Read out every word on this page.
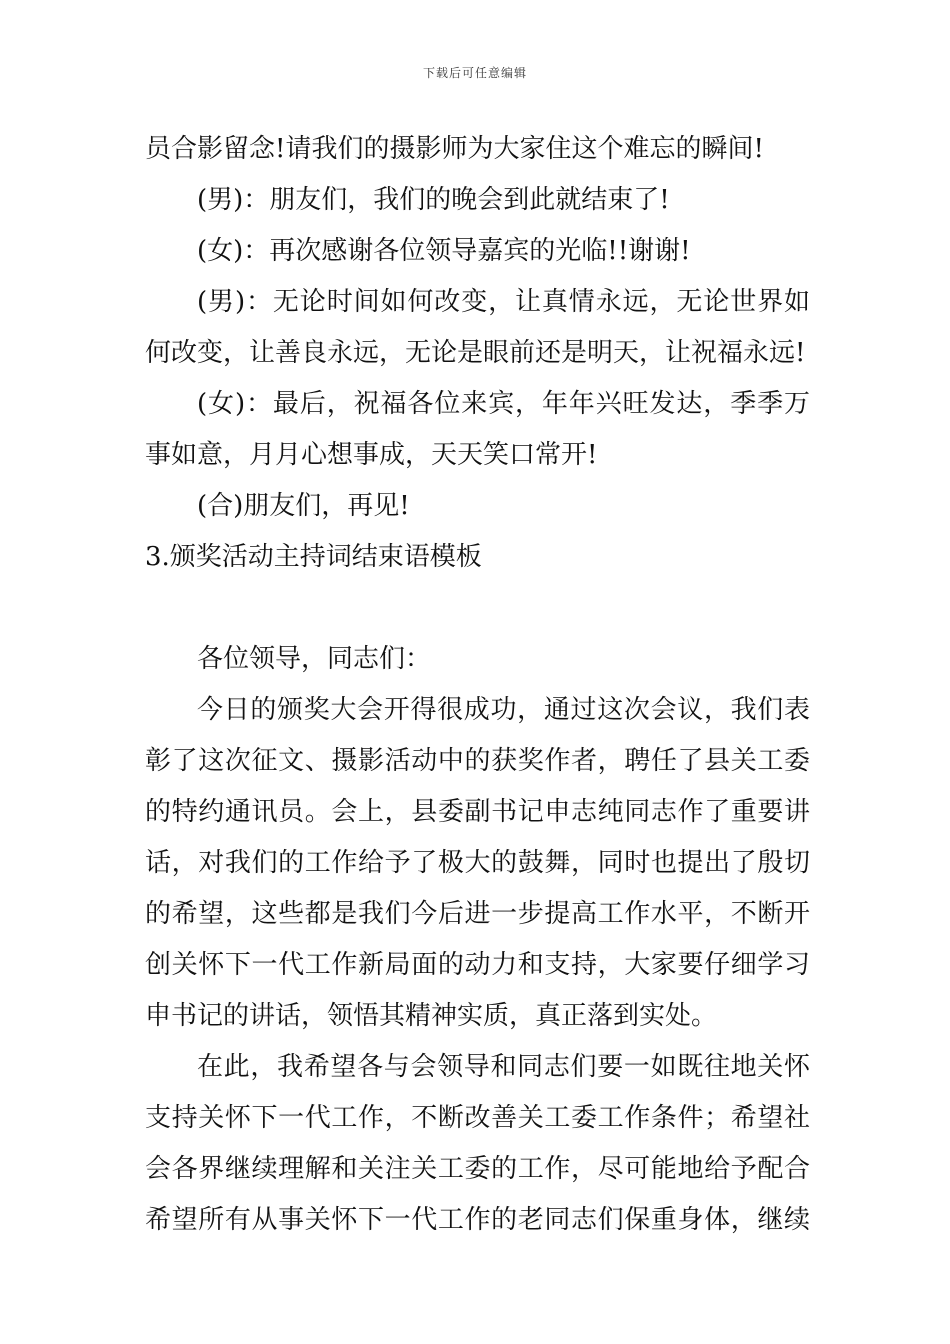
下载后可任意编辑
员合影留念!请我们的摄影师为大家住这个难忘的瞬间!
(男)：朋友们，我们的晚会到此就结束了!
(女)：再次感谢各位领导嘉宾的光临!!谢谢!
(男)：无论时间如何改变，让真情永远，无论世界如
何改变，让善良永远，无论是眼前还是明天，让祝福永远!
(女)：最后，祝福各位来宾，年年兴旺发达，季季万
事如意，月月心想事成，天天笑口常开!
(合)朋友们，再见!
3.颁奖活动主持词结束语模板
各位领导，同志们：
今日的颁奖大会开得很成功，通过这次会议，我们表
彰了这次征文、摄影活动中的获奖作者，聘任了县关工委
的特约通讯员。会上，县委副书记申志纯同志作了重要讲
话，对我们的工作给予了极大的鼓舞，同时也提出了殷切
的希望，这些都是我们今后进一步提高工作水平，不断开
创关怀下一代工作新局面的动力和支持，大家要仔细学习
申书记的讲话，领悟其精神实质，真正落到实处。
在此，我希望各与会领导和同志们要一如既往地关怀
支持关怀下一代工作，不断改善关工委工作条件；希望社
会各界继续理解和关注关工委的工作，尽可能地给予配合
希望所有从事关怀下一代工作的老同志们保重身体，继续
